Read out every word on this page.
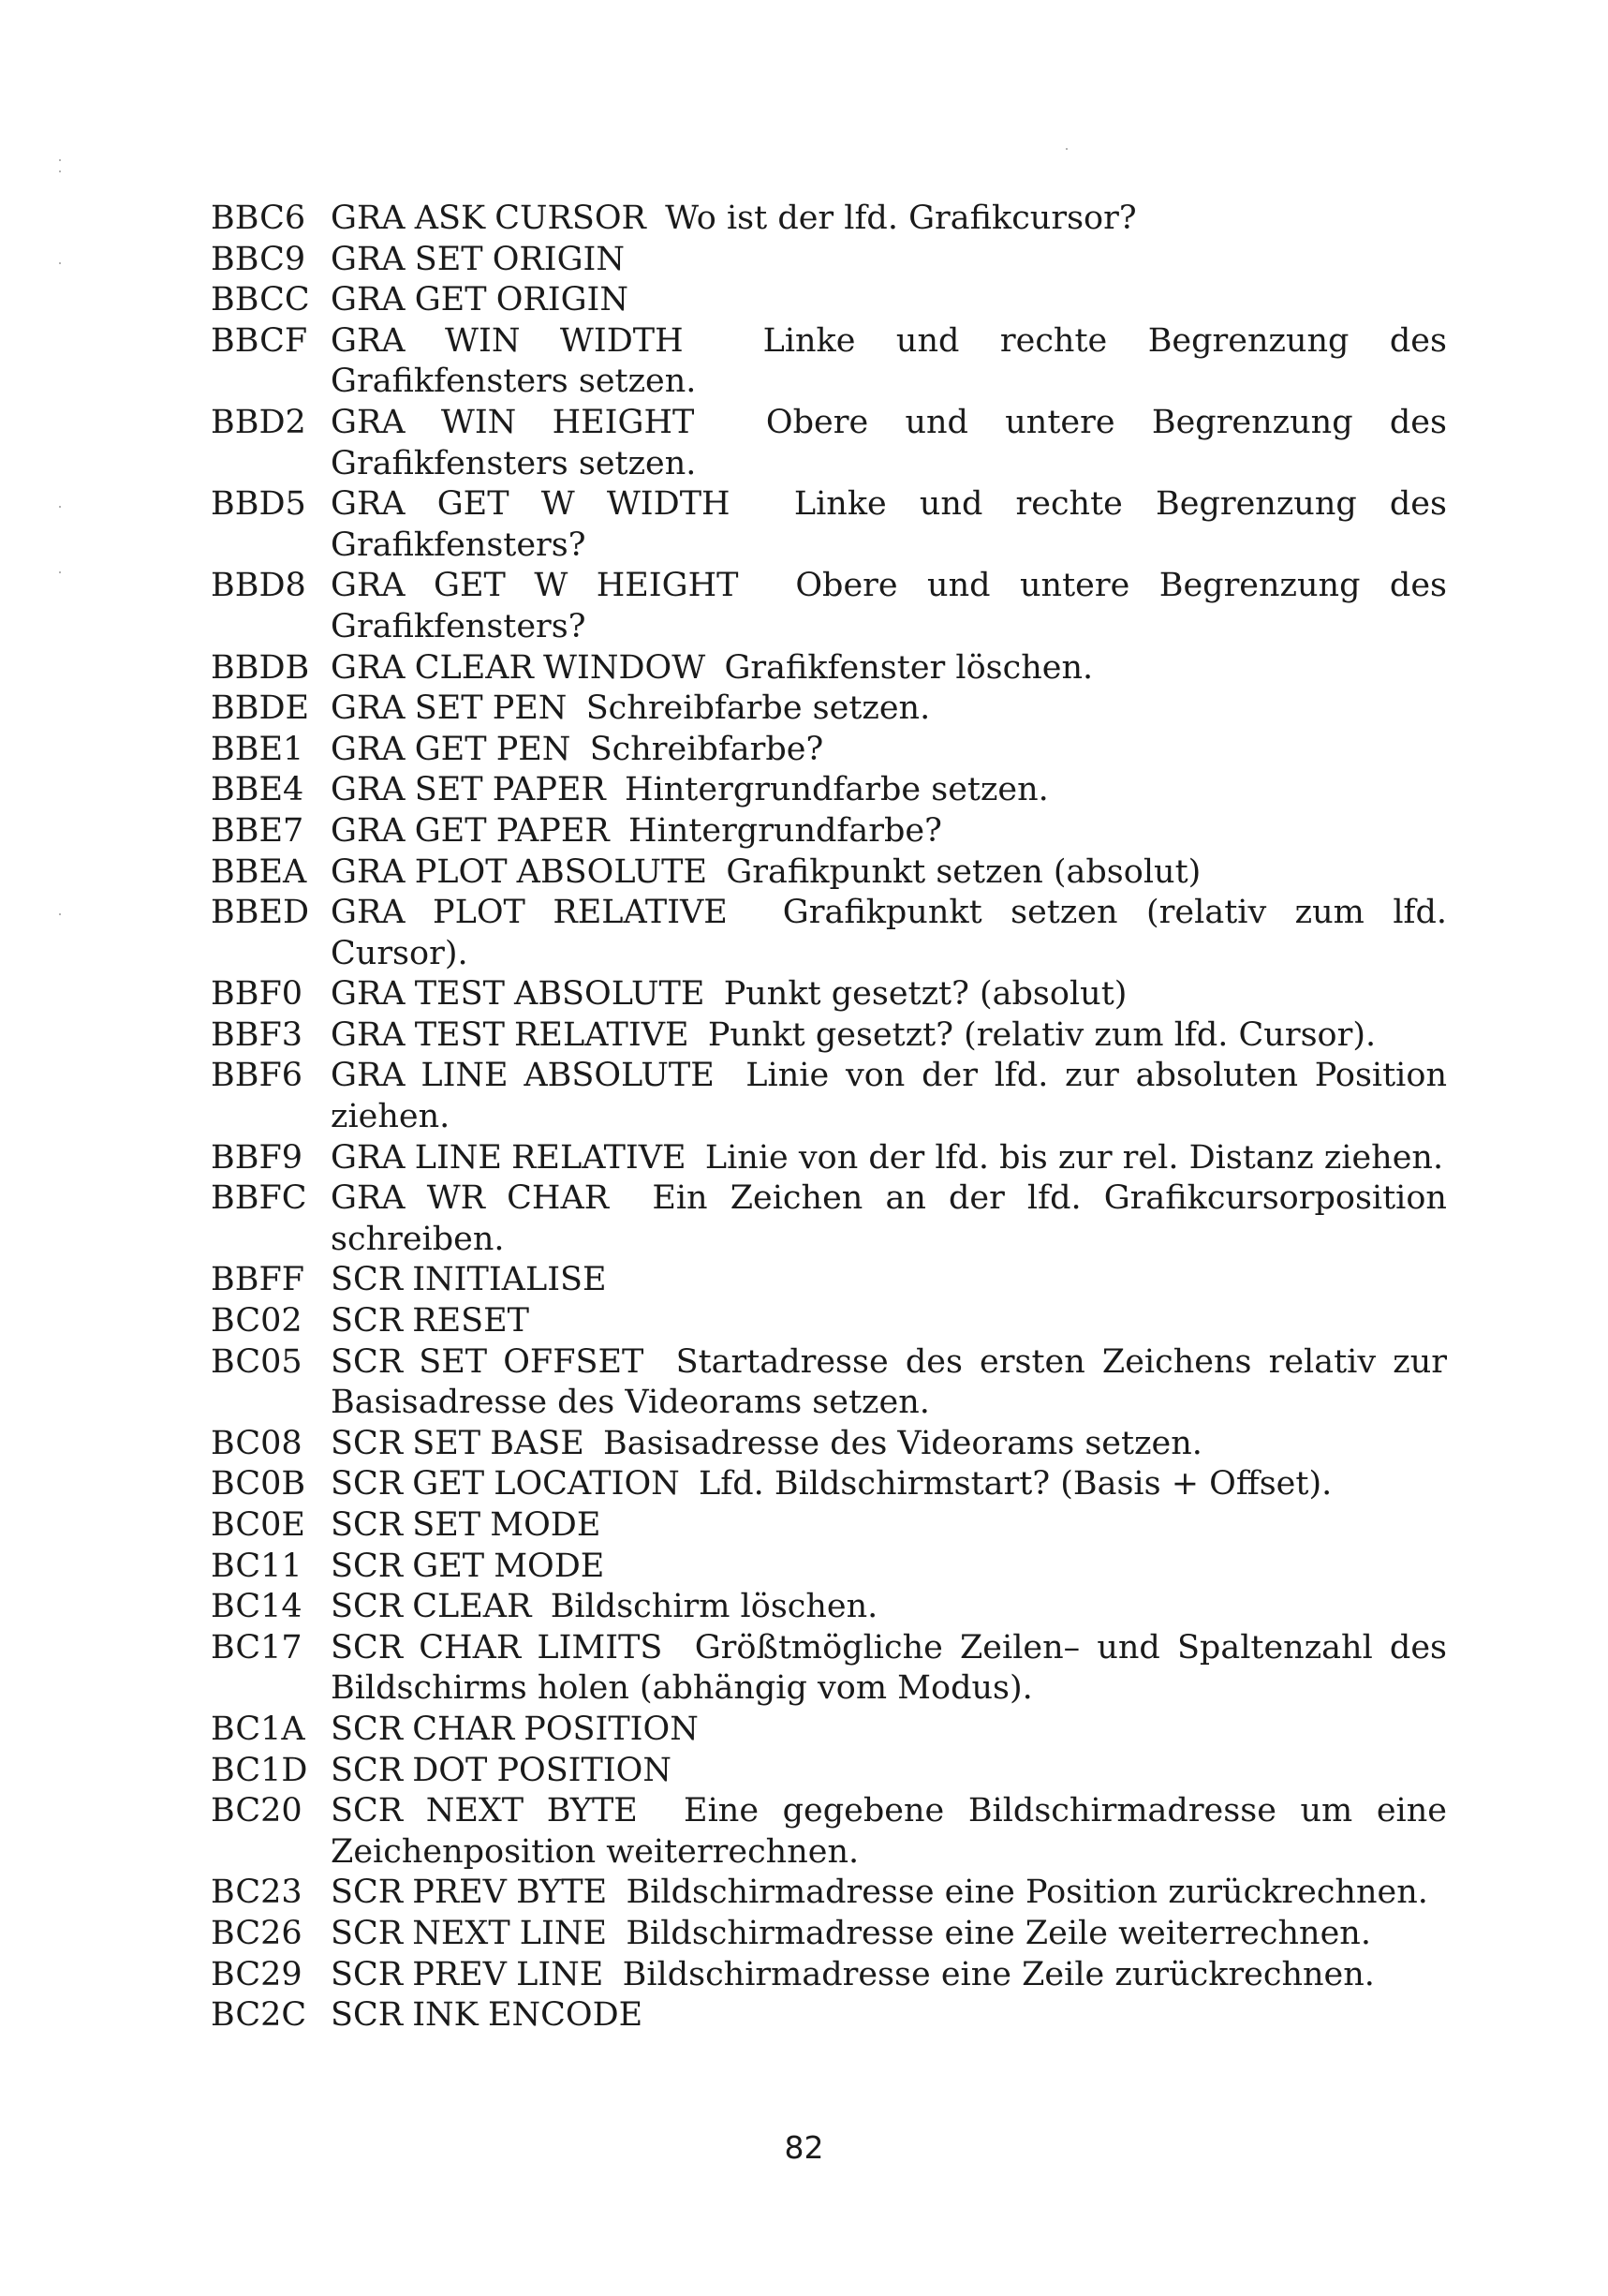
BBC6 GRA ASK CURSOR Wo ist der lfd. Grafikcursor?
BBC9 GRA SET ORIGIN
BBCC GRA GET ORIGIN
BBCF GRA WIN WIDTH Linke und rechte Begrenzung des Grafikfensters setzen.
BBD2 GRA WIN HEIGHT Obere und untere Begrenzung des Grafikfensters setzen.
BBD5 GRA GET W WIDTH Linke und rechte Begrenzung des Grafikfensters?
BBD8 GRA GET W HEIGHT Obere und untere Begrenzung des Grafikfensters?
BBDB GRA CLEAR WINDOW Grafikfenster löschen.
BBDE GRA SET PEN Schreibfarbe setzen.
BBE1 GRA GET PEN Schreibfarbe?
BBE4 GRA SET PAPER Hintergrundfarbe setzen.
BBE7 GRA GET PAPER Hintergrundfarbe?
BBEA GRA PLOT ABSOLUTE Grafikpunkt setzen (absolut)
BBED GRA PLOT RELATIVE Grafikpunkt setzen (relativ zum lfd. Cursor).
BBF0 GRA TEST ABSOLUTE Punkt gesetzt? (absolut)
BBF3 GRA TEST RELATIVE Punkt gesetzt? (relativ zum lfd. Cursor).
BBF6 GRA LINE ABSOLUTE Linie von der lfd. zur absoluten Position ziehen.
BBF9 GRA LINE RELATIVE Linie von der lfd. bis zur rel. Distanz ziehen.
BBFC GRA WR CHAR Ein Zeichen an der lfd. Grafikcursorposition schreiben.
BBFF SCR INITIALISE
BC02 SCR RESET
BC05 SCR SET OFFSET Startadresse des ersten Zeichens relativ zur Basisadresse des Videorams setzen.
BC08 SCR SET BASE Basisadresse des Videorams setzen.
BC0B SCR GET LOCATION Lfd. Bildschirmstart? (Basis + Offset).
BC0E SCR SET MODE
BC11 SCR GET MODE
BC14 SCR CLEAR Bildschirm löschen.
BC17 SCR CHAR LIMITS Größtmögliche Zeilen– und Spaltenzahl des Bildschirms holen (abhängig vom Modus).
BC1A SCR CHAR POSITION
BC1D SCR DOT POSITION
BC20 SCR NEXT BYTE Eine gegebene Bildschirmadresse um eine Zeichenposition weiterrechnen.
BC23 SCR PREV BYTE Bildschirmadresse eine Position zurückrechnen.
BC26 SCR NEXT LINE Bildschirmadresse eine Zeile weiterrechnen.
BC29 SCR PREV LINE Bildschirmadresse eine Zeile zurückrechnen.
BC2C SCR INK ENCODE
82
